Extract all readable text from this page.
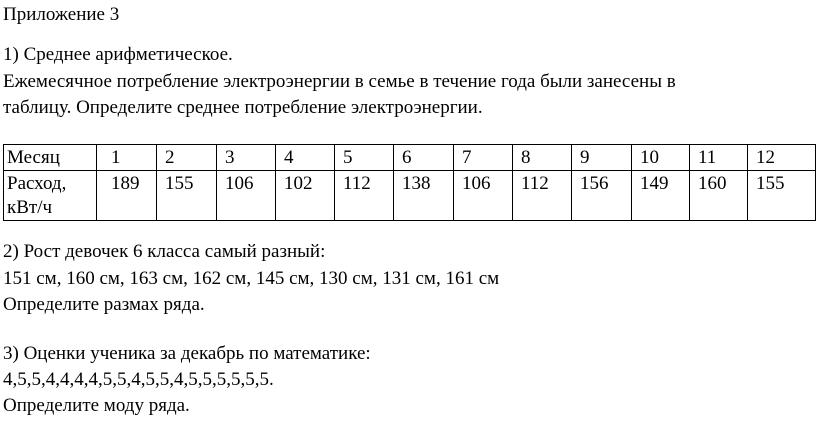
Приложение 3
1) Среднее арифметическое.
Ежемесячное потребление электроэнергии в семье в течение года были занесены в
таблицу. Определите среднее потребление электроэнергии.
Месяц	1	2	3	4	5	6	7	8	9	10	11	12

Расход,
кВт/ч	189	155	106	102	112	138	106	112	156	149	160	155
2) Рост девочек 6 класса самый разный:
151 см, 160 см, 163 см, 162 см, 145 см, 130 см, 131 см, 161 см
Определите размах ряда.
3) Оценки ученика за декабрь по математике:
4,5,5,4,4,4,4,5,5,4,5,5,4,5,5,5,5,5,5.
Определите моду ряда.
